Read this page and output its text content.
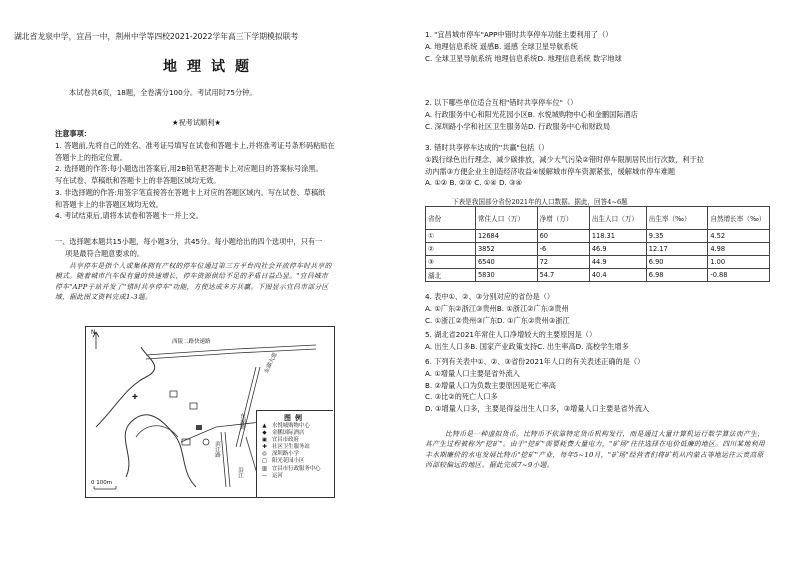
湖北省龙泉中学，宜昌一中，荆州中学等四校2021-2022学年高三下学期模拟联考
地理试题
本试卷共6页，18题，全卷满分100分。考试用时75分钟。
★祝考试顺利★
注意事项：
1. 答题前,先将自己的姓名、准考证号填写在试卷和答题卡上,并将准考证号条形码粘贴在
答题卡上的指定位置。
2. 选择题的作答:每小题选出答案后,用2B铅笔把答题卡上对应题目的答案标号涂黑。
写在试卷、草稿纸和答题卡上的非答题区域均无效。
3. 非选择题的作答:用签字笔直接答在答题卡上对应的答题区域内。写在试卷、草稿纸
和答题卡上的非答题区域均无效。
4. 考试结束后,请将本试卷和答题卡一并上交。
一、选择题本题共15小题，每小题3分，共45分。每小题给出的四个选项中，只有一
项是最符合题意要求的。
共享停车是指个人或集体拥有产权的停车位通过第三方平台向社会开放停车时共享的模式。随着城市汽车保有量的快速增长，停车资源供给不足的矛盾日益凸显。"宜昌城市停车"APP子站开发了"错时共享停车"功能，方便达成多方共赢。下图显示宜昌市部分区域，据此图文资料完成1-3题。
✚
N
0 100m
西陵二路快速路
东湖大道
沿江
滨江路
东湖路	图例
▲	水悦城购物中心
◆	金鹏国际酒店
▣ 宜昌市政府
✚ 社区卫生服务站
◎ 深圳路小学
▢ 阳光花园小区
▥ 宜昌市行政服务中心
— 运河
1. "宜昌城市停车"APP中错时共享停车功能主要利用了（）
A. 地理信息系统 遥感B. 遥感 全球卫星导航系统
C. 全球卫星导航系统 地理信息系统D. 地理信息系统 数字地球
2. 以下哪些单位适合互相"错时共享停车位"（）
A. 行政服务中心和阳光花园小区B. 水悦城购物中心和金鹏国际酒店
C. 深圳路小学和社区卫生服务站D. 行政服务中心和财政局
3. 错时共享停车达成的"共赢"包括（）
①践行绿色出行理念、减少碳排放，减少大气污染②错时停车限制居民出行次数，利于拉
动内需③方便企业主创造经济收益④缓解城市停车资源紧张，缓解城市停车难题
A. ①② B. ②③ C. ①④ D. ③④
下表是我国部分省份2021年的人口数据。据此，回答4~6题
省份	常住人口（万）	净增（万）	出生人口（万）	出生率（‰）	自然增长率（‰）
①	12684	60	118.31	9.35	4.52
②	3852	-6	46.9	12.17	4.98
③	6540	72	44.9	6.90	1.00
湖北	5830	54.7	40.4	6.98	-0.88
4. 表中①、②、③分别对应的省份是（）
A. ①广东②浙江③贵州B. ①浙江②广东③贵州
C. ①浙江②贵州③广东D. ①广东②贵州③浙江
5. 湖北省2021年常住人口净增较大的主要原因是（）
A. 出生人口多B. 国家产业政策支持C. 出生率高D. 高校学生增多
6. 下列有关表中①、②、③省份2021年人口的有关表述正确的是（）
A. ①增量人口主要是省外流入
B. ②增量人口为负数主要原因是死亡率高
C. ③比②的死亡人口多
D. ①增量人口多，主要是得益出生人口多，③增量人口主要是省外流入
比特币是一种虚拟货币。比特币不依靠特定货币机构发行，而是通过大量计算机运行数学算法而产生，其产生过程被称为"挖矿"。由于"挖矿"需要耗费大量电力，"矿场"往往选择在电价低廉的地区。四川某地利用丰水期廉价的水电发展比特币"挖矿"产业，每年5~10月，"矿场"经营者们将矿机从内蒙古等地运往云贵高原西部较偏远的地区。据此完成7~9小题。
